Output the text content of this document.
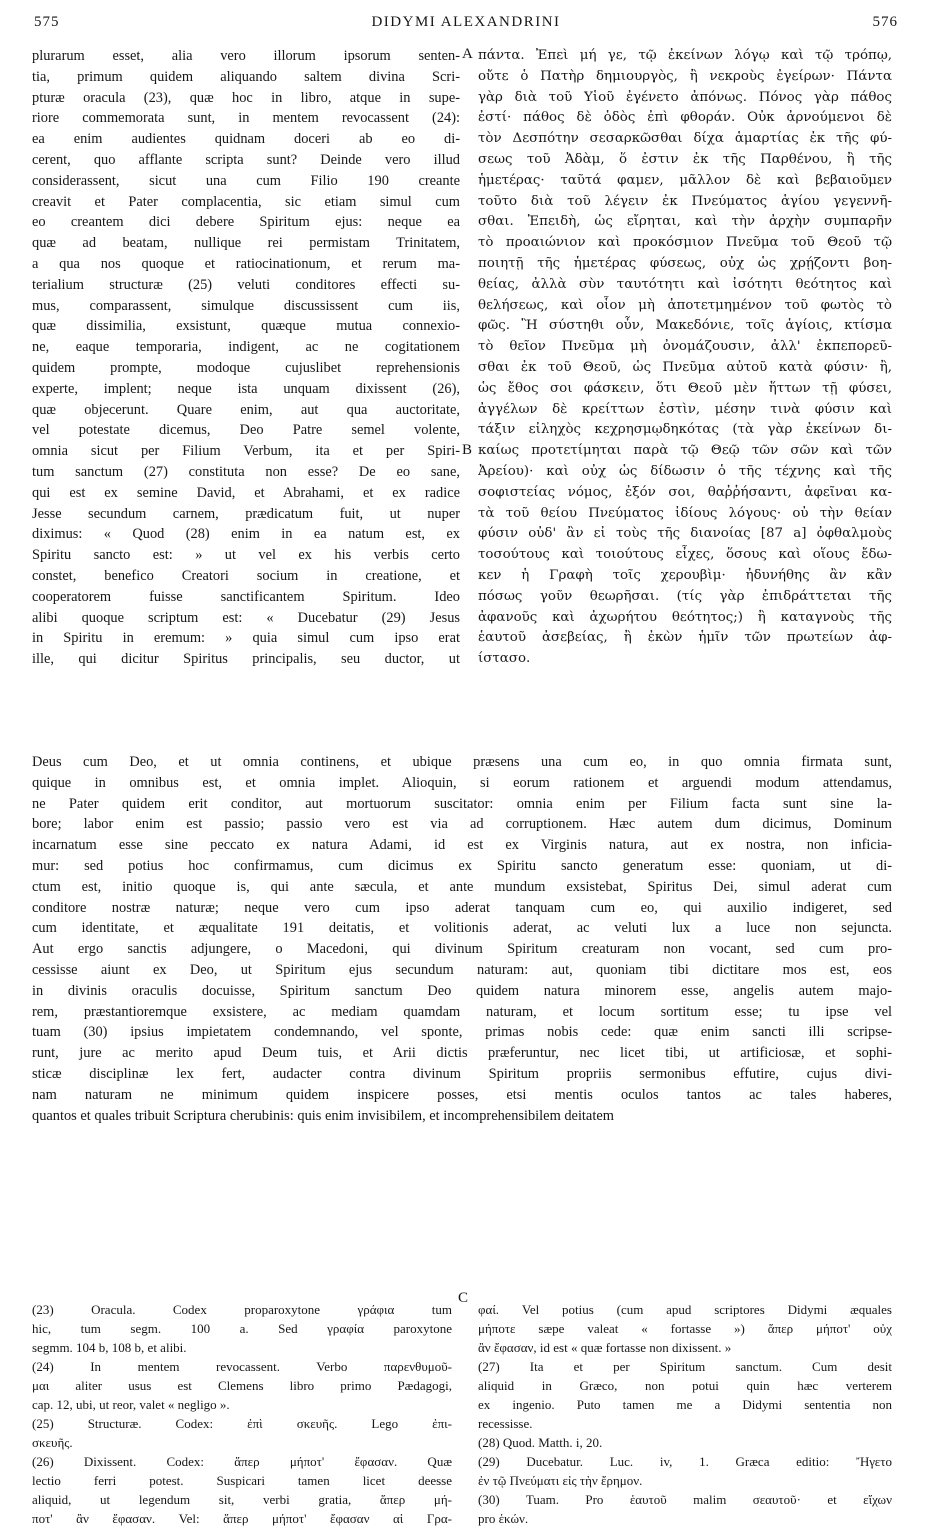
575	DIDYMI ALEXANDRINI	576
A
B
C
plurarum esset, alia vero illorum ipsorum senten-
tia, primum quidem aliquando saltem divina Scri-
pturæ oracula (23), quæ hoc in libro, atque in supe-
riore commemorata sunt, in mentem revocassent (24):
ea enim audientes quidnam doceri ab eo di-
cerent, quo afflante scripta sunt? Deinde vero illud
considerassent, sicut una cum Filio 190 creante
creavit et Pater complacentia, sic etiam simul cum
eo creantem dici debere Spiritum ejus: neque ea
quæ ad beatam, nullique rei permistam Trinitatem,
a qua nos quoque et ratiocinationum, et rerum ma-
terialium structuræ (25) veluti conditores effecti su-
mus, comparassent, simulque discussissent cum iis,
quæ dissimilia, exsistunt, quæque mutua connexio-
ne, eaque temporaria, indigent, ac ne cogitationem
quidem prompte, modoque cujuslibet reprehensionis
experte, implent; neque ista unquam dixissent (26),
quæ objecerunt. Quare enim, aut qua auctoritate,
vel potestate dicemus, Deo Patre semel volente,
omnia sicut per Filium Verbum, ita et per Spiri-
tum sanctum (27) constituta non esse? De eo sane,
qui est ex semine David, et Abrahami, et ex radice
Jesse secundum carnem, prædicatum fuit, ut nuper
diximus: « Quod (28) enim in ea natum est, ex
Spiritu sancto est: » ut vel ex his verbis certo
constet, benefico Creatori socium in creatione, et
cooperatorem fuisse sanctificantem Spiritum. Ideo
alibi quoque scriptum est: « Ducebatur (29) Jesus
in Spiritu in eremum: » quia simul cum ipso erat
ille, qui dicitur Spiritus principalis, seu ductor, ut
πάντα. Ἐπεὶ μή γε, τῷ ἐκείνων λόγῳ καὶ τῷ τρόπῳ,
οὔτε ὁ Πατὴρ δημιουργὸς, ἢ νεκροὺς ἐγείρων· Πάντα
γὰρ διὰ τοῦ Υἱοῦ ἐγένετο ἀπόνως. Πόνος γὰρ πάθος
ἐστί· πάθος δὲ ὁδὸς ἐπὶ φθοράν. Οὐκ ἀρνούμενοι δὲ
τὸν Δεσπότην σεσαρκῶσθαι δίχα ἁμαρτίας ἐκ τῆς φύ-
σεως τοῦ Ἀδὰμ, ὅ ἐστιν ἐκ τῆς Παρθένου, ἢ τῆς
ἡμετέρας· ταῦτά φαμεν, μᾶλλον δὲ καὶ βεβαιοῦμεν
τοῦτο διὰ τοῦ λέγειν ἐκ Πνεύματος ἁγίου γεγεννῆ-
σθαι. Ἐπειδὴ, ὡς εἴρηται, καὶ τὴν ἀρχὴν συμπαρῆν
τὸ προαιώνιον καὶ προκόσμιον Πνεῦμα τοῦ Θεοῦ τῷ
ποιητῇ τῆς ἡμετέρας φύσεως, οὐχ ὡς χρῄζοντι βοη-
θείας, ἀλλὰ σὺν ταυτότητι καὶ ἰσότητι θεότητος καὶ
θελήσεως, καὶ οἷον μὴ ἀποτετμημένον τοῦ φωτὸς τὸ
φῶς. Ἢ σύστηθι οὖν, Μακεδόνιε, τοῖς ἁγίοις, κτίσμα
τὸ θεῖον Πνεῦμα μὴ ὀνομάζουσιν, ἀλλ' ἐκπεπορεῦ-
σθαι ἐκ τοῦ Θεοῦ, ὡς Πνεῦμα αὐτοῦ κατὰ φύσιν· ἢ,
ὡς ἔθος σοι φάσκειν, ὅτι Θεοῦ μὲν ἥττων τῇ φύσει,
ἀγγέλων δὲ κρείττων ἐστὶν, μέσην τινὰ φύσιν καὶ
τάξιν εἰληχὸς κεχρησμῳδηκότας (τὰ γὰρ ἐκείνων δι-
καίως προτετίμηται παρὰ τῷ Θεῷ τῶν σῶν καὶ τῶν
Ἀρείου)· καὶ οὐχ ὡς δίδωσιν ὁ τῆς τέχνης καὶ τῆς
σοφιστείας νόμος, ἐξόν σοι, θαῤῥήσαντι, ἀφεῖναι κα-
τὰ τοῦ θείου Πνεύματος ἰδίους λόγους· οὐ τὴν θείαν
φύσιν οὐδ' ἂν εἰ τοὺς τῆς διανοίας [87 a] ὀφθαλμοὺς
τοσούτους καὶ τοιούτους εἶχες, ὅσους καὶ οἵους ἔδω-
κεν ἡ Γραφὴ τοῖς χερουβὶμ· ἠδυνήθης ἂν κἂν
πόσως γοῦν θεωρῆσαι. (τίς γὰρ ἐπιδράττεται τῆς
ἀφανοῦς καὶ ἀχωρήτου θεότητος;) ἢ καταγνοὺς τῆς
ἑαυτοῦ ἀσεβείας, ἢ ἐκὼν ἡμῖν τῶν πρωτείων ἀφ-
ίστασο.
Deus cum Deo, et ut omnia continens, et ubique præsens una cum eo, in quo omnia firmata sunt,
quique in omnibus est, et omnia implet. Alioquin, si eorum rationem et arguendi modum attendamus,
ne Pater quidem erit conditor, aut mortuorum suscitator: omnia enim per Filium facta sunt sine la-
bore; labor enim est passio; passio vero est via ad corruptionem. Hæc autem dum dicimus, Dominum
incarnatum esse sine peccato ex natura Adami, id est ex Virginis natura, aut ex nostra, non inficia-
mur: sed potius hoc confirmamus, cum dicimus ex Spiritu sancto generatum esse: quoniam, ut di-
ctum est, initio quoque is, qui ante sæcula, et ante mundum exsistebat, Spiritus Dei, simul aderat cum
conditore nostræ naturæ; neque vero cum ipso aderat tanquam cum eo, qui auxilio indigeret, sed
cum identitate, et æqualitate 191 deitatis, et volitionis aderat, ac veluti lux a luce non sejuncta.
Aut ergo sanctis adjungere, o Macedoni, qui divinum Spiritum creaturam non vocant, sed cum pro-
cessisse aiunt ex Deo, ut Spiritum ejus secundum naturam: aut, quoniam tibi dictitare mos est, eos
in divinis oraculis docuisse, Spiritum sanctum Deo quidem natura minorem esse, angelis autem majo-
rem, præstantioremque exsistere, ac mediam quamdam naturam, et locum sortitum esse; tu ipse vel
tuam (30) ipsius impietatem condemnando, vel sponte, primas nobis cede: quæ enim sancti illi scripse-
runt, jure ac merito apud Deum tuis, et Arii dictis præferuntur, nec licet tibi, ut artificiosæ, et sophi-
sticæ disciplinæ lex fert, audacter contra divinum Spiritum propriis sermonibus effutire, cujus divi-
nam naturam ne minimum quidem inspicere posses, etsi mentis oculos tantos ac tales haberes,
quantos et quales tribuit Scriptura cherubinis: quis enim invisibilem, et incomprehensibilem deitatem
(23) Oracula. Codex proparoxytone γράφια tum
hic, tum segm. 100 a. Sed γραφία paroxytone
segmm. 104 b, 108 b, et alibi.
(24) In mentem revocassent. Verbo παρενθυμοῦ-
μαι aliter usus est Clemens libro primo Pædagogi,
cap. 12, ubi, ut reor, valet « negligo ».
(25) Structuræ. Codex: ἐπὶ σκευῆς. Lego ἐπι-
σκευῆς.
(26) Dixissent. Codex: ἅπερ μήποτ' ἔφασαν. Quæ
lectio ferri potest. Suspicari tamen licet deesse
aliquid, ut legendum sit, verbi gratia, ἅπερ μή-
ποτ' ἂν ἔφασαν. Vel: ἅπερ μήποτ' ἔφασαν αἱ Γρα-
φαί. Vel potius (cum apud scriptores Didymi æquales
μήποτε sæpe valeat « fortasse ») ἅπερ μήποτ' οὐχ
ἂν ἔφασαν, id est « quæ fortasse non dixissent. »
(27) Ita et per Spiritum sanctum. Cum desit
aliquid in Græco, non potui quin hæc verterem
ex ingenio. Puto tamen me a Didymi sententia non
recessisse.
(28) Quod. Matth. i, 20.
(29) Ducebatur. Luc. iv, 1. Græca editio: Ἤγετο
ἐν τῷ Πνεύματι εἰς τὴν ἔρημον.
(30) Tuam. Pro ἑαυτοῦ malim σεαυτοῦ· et εἴχων
pro ἑκών.
